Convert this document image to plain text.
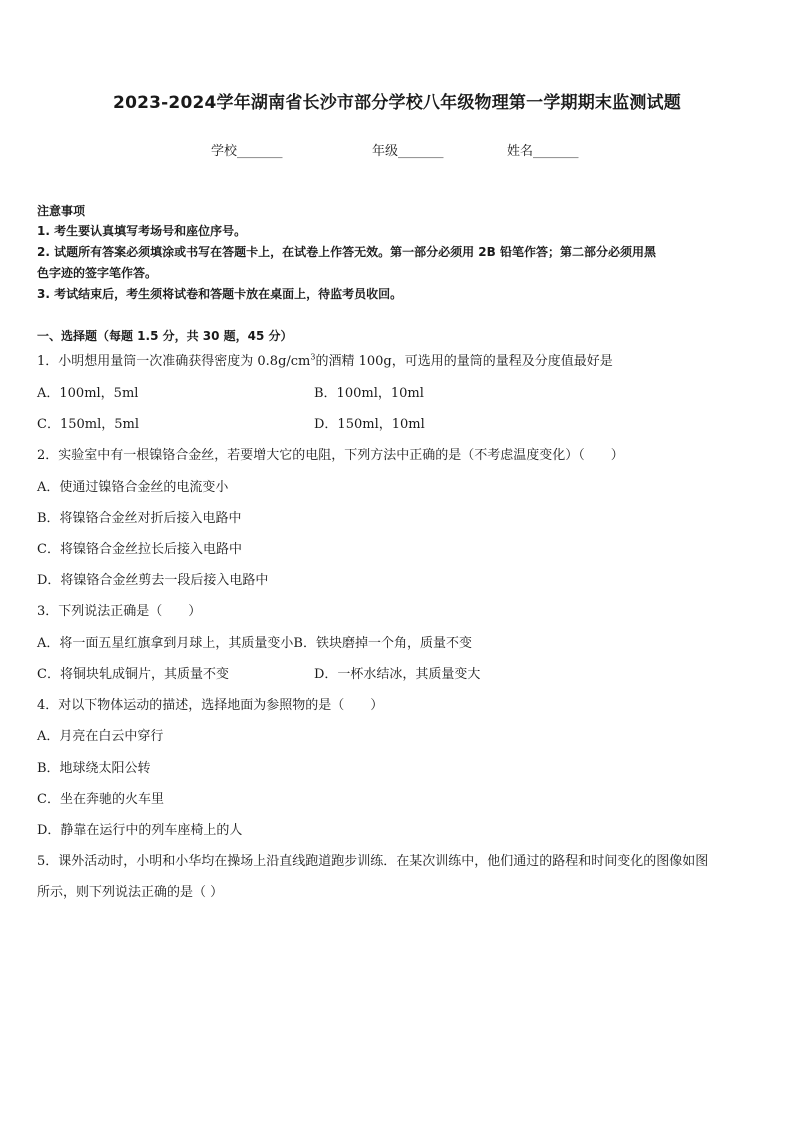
2023-2024学年湖南省长沙市部分学校八年级物理第一学期期末监测试题
学校_______	年级_______	姓名_______
注意事项
1. 考生要认真填写考场号和座位序号。
2. 试题所有答案必须填涂或书写在答题卡上，在试卷上作答无效。第一部分必须用 2B 铅笔作答；第二部分必须用黑
色字迹的签字笔作答。
3. 考试结束后，考生须将试卷和答题卡放在桌面上，待监考员收回。
一、选择题（每题 1.5 分，共 30 题，45 分）
1．小明想用量筒一次准确获得密度为 $0.8g/cm^3$的酒精 100g，可选用的量筒的量程及分度值最好是
A．100ml，5ml	B．100ml，10ml
C．150ml，5ml	D．150ml，10ml
2．实验室中有一根镍铬合金丝，若要增大它的电阻，下列方法中正确的是（不考虑温度变化）（　　）
A．使通过镍铬合金丝的电流变小
B．将镍铬合金丝对折后接入电路中
C．将镍铬合金丝拉长后接入电路中
D．将镍铬合金丝剪去一段后接入电路中
3．下列说法正确是（　　）
A．将一面五星红旗拿到月球上，其质量变小B．铁块磨掉一个角，质量不变
C．将铜块轧成铜片，其质量不变	D．一杯水结冰，其质量变大
4．对以下物体运动的描述，选择地面为参照物的是（　　）
A．月亮在白云中穿行
B．地球绕太阳公转
C．坐在奔驰的火车里
D．静靠在运行中的列车座椅上的人
5．课外活动时，小明和小华均在操场上沿直线跑道跑步训练．在某次训练中，他们通过的路程和时间变化的图像如图
所示，则下列说法正确的是（ ）
